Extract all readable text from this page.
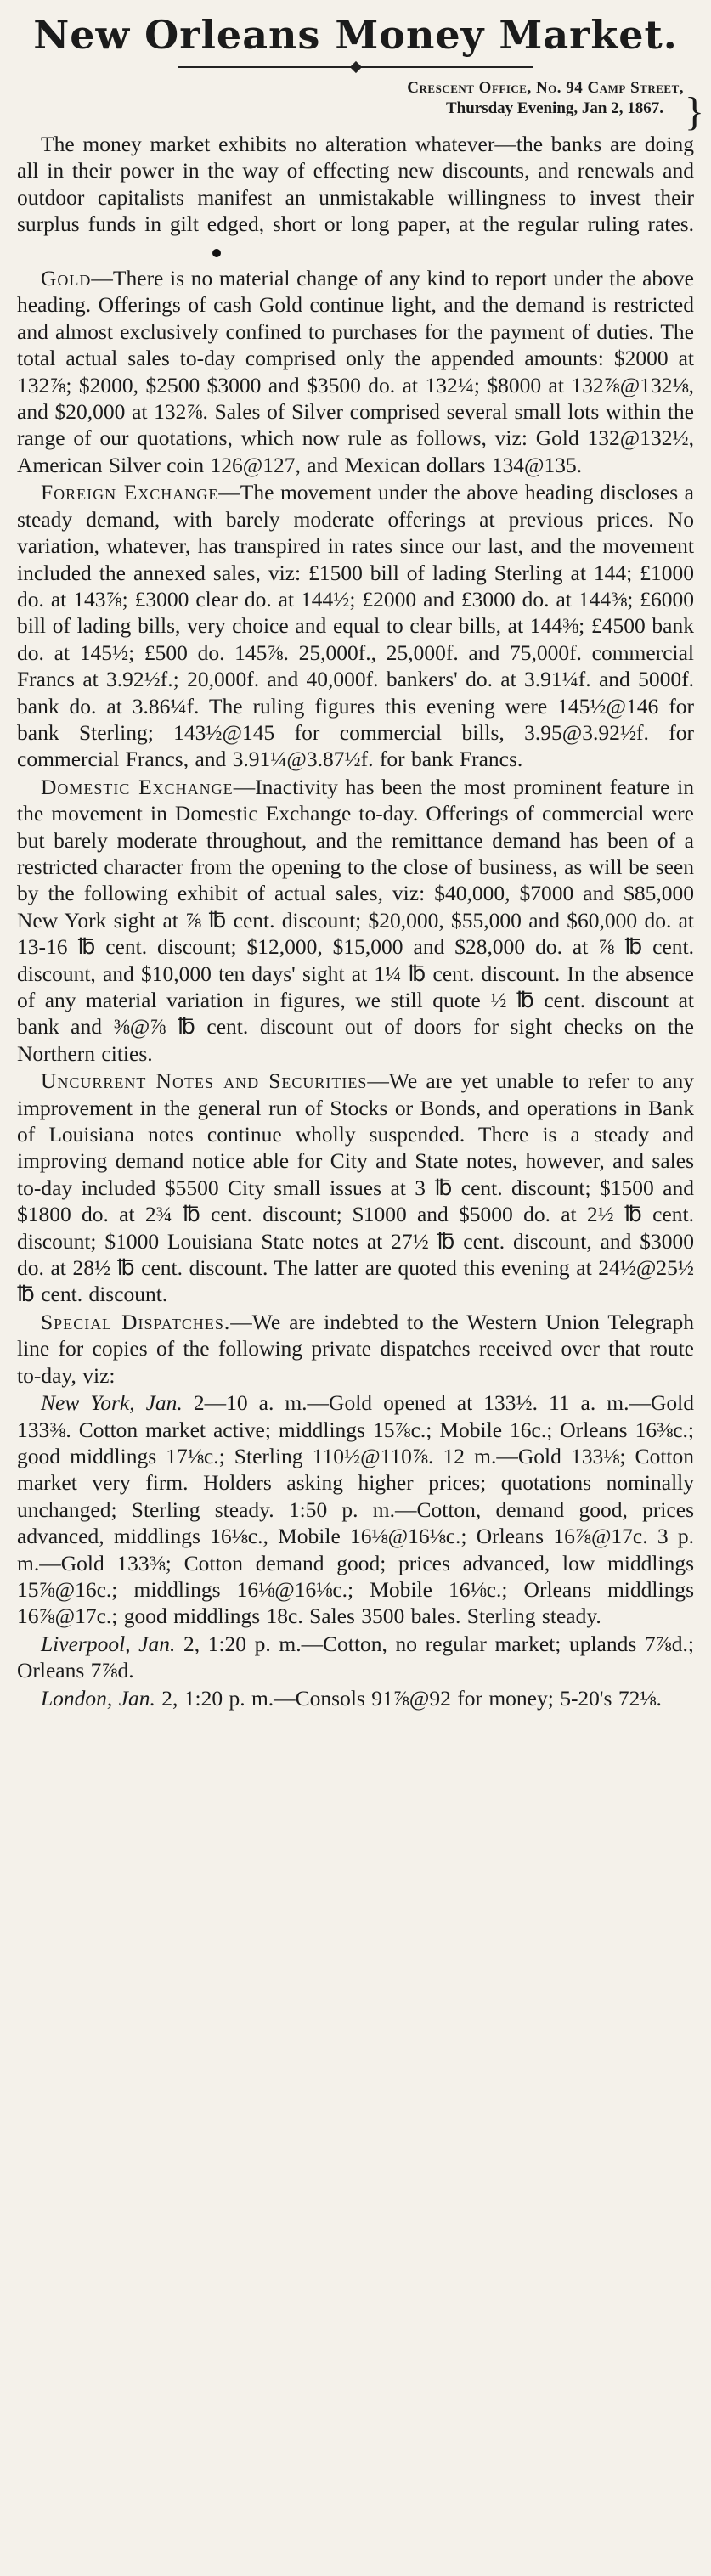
New Orleans Money Market.
Crescent Office, No. 94 Camp Street,
Thursday Evening, Jan 2, 1867. }

The money market exhibits no alteration whatever—the banks are doing all in their power in the way of effecting new discounts, and renewals and outdoor capitalists manifest an unmistakable willingness to invest their surplus funds in gilt edged, short or long paper, at the regular ruling rates.

Gold—There is no material change of any kind to report under the above heading. Offerings of cash Gold continue light, and the demand is restricted and almost exclusively confined to purchases for the payment of duties. The total actual sales to-day comprised only the appended amounts: $2000 at 132⅞; $2000, $2500 $3000 and $3500 do. at 132¼; $8000 at 132⅞@132⅛, and $20,000 at 132⅞. Sales of Silver comprised several small lots within the range of our quotations, which now rule as follows, viz: Gold 132@132½, American Silver coin 126@127, and Mexican dollars 134@135.

Foreign Exchange—The movement under the above heading discloses a steady demand, with barely moderate offerings at previous prices. No variation, whatever, has transpired in rates since our last, and the movement included the annexed sales, viz: £1500 bill of lading Sterling at 144; £1000 do. at 143⅞; £3000 clear do. at 144½; £2000 and £3000 do. at 144⅜; £6000 bill of lading bills, very choice and equal to clear bills, at 144⅜; £4500 bank do. at 145½; £500 do. 145⅞. 25,000f., 25,000f. and 75,000f. commercial Francs at 3.92½f.; 20,000f. and 40,000f. bankers' do. at 3.91¼f. and 5000f. bank do. at 3.86¼f. The ruling figures this evening were 145½@146 for bank Sterling; 143½@145 for commercial bills, 3.95@3.92½f. for commercial Francs, and 3.91¼@3.87½f. for bank Francs.

Domestic Exchange—Inactivity has been the most prominent feature in the movement in Domestic Exchange to-day. Offerings of commercial were but barely moderate throughout, and the remittance demand has been of a restricted character from the opening to the close of business, as will be seen by the following exhibit of actual sales, viz: $40,000, $7000 and $85,000 New York sight at ⅞ ℔ cent. discount; $20,000, $55,000 and $60,000 do. at 13-16 ℔ cent. discount; $12,000, $15,000 and $28,000 do. at ⅞ ℔ cent. discount, and $10,000 ten days' sight at 1¼ ℔ cent. discount. In the absence of any material variation in figures, we still quote ½ ℔ cent. discount at bank and ⅜@⅞ ℔ cent. discount out of doors for sight checks on the Northern cities.

Uncurrent Notes and Securities—We are yet unable to refer to any improvement in the general run of Stocks or Bonds, and operations in Bank of Louisiana notes continue wholly suspended. There is a steady and improving demand notice able for City and State notes, however, and sales to-day included $5500 City small issues at 3 ℔ cent. discount; $1500 and $1800 do. at 2¾ ℔ cent. discount; $1000 and $5000 do. at 2½ ℔ cent. discount; $1000 Louisiana State notes at 27½ ℔ cent. discount, and $3000 do. at 28½ ℔ cent. discount. The latter are quoted this evening at 24½@25½ ℔ cent. discount.

Special Dispatches.—We are indebted to the Western Union Telegraph line for copies of the following private dispatches received over that route to-day, viz:

New York, Jan. 2—10 a. m.—Gold opened at 133½. 11 a. m.—Gold 133⅜. Cotton market active; middlings 15⅞c.; Mobile 16c.; Orleans 16⅜c.; good middlings 17⅛c.; Sterling 110½@110⅞. 12 m.—Gold 133⅛; Cotton market very firm. Holders asking higher prices; quotations nominally unchanged; Sterling steady. 1:50 p. m.—Cotton, demand good, prices advanced, middlings 16⅛c., Mobile 16⅛@16⅛c.; Orleans 16⅞@17c. 3 p. m.—Gold 133⅜; Cotton demand good; prices advanced, low middlings 15⅞@16c.; middlings 16⅛@16⅛c.; Mobile 16⅛c.; Orleans middlings 16⅞@17c.; good middlings 18c. Sales 3500 bales. Sterling steady.

Liverpool, Jan. 2, 1:20 p. m.—Cotton, no regular market; uplands 7⅞d.; Orleans 7⅞d.

London, Jan. 2, 1:20 p. m.—Consols 91⅞@92 for money; 5-20's 72⅛.
